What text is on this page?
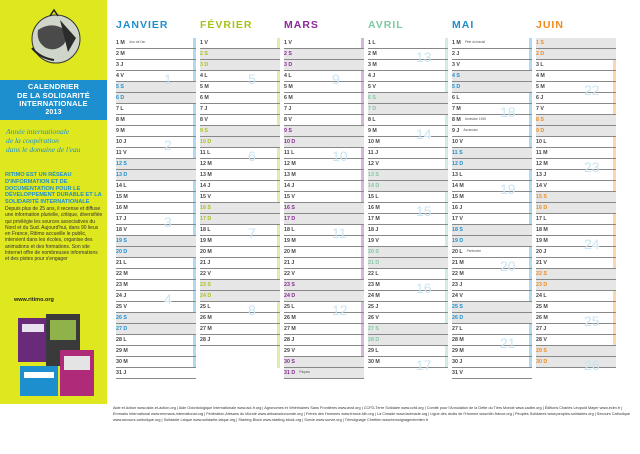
CALENDRIER
DE LA SOLIDARITÉ
INTERNATIONALE
2013
Année internationale
de la coopération
dans le domaine de l'eau
RITIMO EST UN RÉSEAU D'INFORMATION ET DE DOCUMENTATION POUR LE DÉVELOPPEMENT DURABLE ET LA SOLIDARITÉ INTERNATIONALE
Depuis plus de 25 ans, il recense et diffuse une information plurielle, critique, diversifiée qui privilégie les sources associatives du Nord et du Sud. Aujourd'hui, dans 90 lieux en France, Ritimo accueille le public, intervient dans les écoles, organise des animations et des formations. Son site Internet offre de nombreuses informations et des pistes pour s'engager
www.ritimo.org
JANVIER
1 M Jour de l'an
2 M
3 J
4 V
5 S
6 D
7 L
8 M
9 M
10 J
11 V
12 S
13 D
14 L
15 M
16 M
17 J
18 V
19 S
20 D
21 L
22 M
23 M
24 J
25 V
26 S
27 D
28 L
29 M
30 M
31 J
FÉVRIER
1 V
2 S
3 D
4 L
5 M
6 M
7 J
8 V
9 S
10 D
11 L
12 M
13 M
14 J
15 V
16 S
17 D
18 L
19 M
20 M
21 J
22 V
23 S
24 D
25 L
26 M
27 M
28 J
MARS
1 V
2 S
3 D
4 L
5 M
6 M
7 J
8 V
9 S
10 D
11 L
12 M
13 M
14 J
15 V
16 S
17 D
18 L
19 M
20 M
21 J
22 V
23 S
24 D
25 L
26 M
27 M
28 J
29 V
30 S
31 D Pâques
AVRIL
1 L
2 M
3 M
4 J
5 V
6 S
7 D
8 L
9 M
10 M
11 J
12 V
13 S
14 D
15 L
16 M
17 M
18 J
19 V
20 S
21 D
22 L
23 M
24 M
25 J
26 V
27 S
28 D
29 L
30 M
MAI
1 M Fête du travail
2 J
3 V
4 S
5 D
6 L
7 M
8 M Armistice 1945
9 J Ascension
10 V
11 S
12 D
13 L
14 M
15 M
16 J
17 V
18 S
19 D
20 L Pentecôte
21 M
22 M
23 J
24 V
25 S
26 D
27 L
28 M
29 M
30 J
31 V
JUIN
1 S
2 D
3 L
4 M
5 M
6 J
7 V
8 S
9 D
10 L
11 M
12 M
13 J
14 V
15 S
16 D
17 L
18 M
19 M
20 J
21 V
22 S
23 D
24 L
25 M
26 M
27 J
28 V
29 S
30 D
1
2
3
4
5
6
7
8
9
10
11
12
13
14
15
16
17
18
19
20
21
22
23
24
25
26
Aide et Action www.aide-et-action.org | Aide Odontologique Internationale www.aoi-fr.org | Agronomes et Vétérinaires Sans Frontières www.avsf.org | CCFD-Terre Solidaire www.ccfd.org | Comité pour l'Annulation de la Dette du Tiers Monde www.cadtm.org | Éditions Charles Léopold Mayer www.eclm.fr | Emmaüs International www.emmaus-international.org | Fédération Artisans du Monde www.artisansdumonde.org | Frères des Hommes www.france-fdh.org | La Cimade www.lacimade.org | Ligue des droits de l'Homme www.ldh-france.org | Peuples Solidaires www.peuples-solidaires.org | Secours Catholique www.secours-catholique.org | Solidarité Laïque www.solidarite-laique.org | Starting Block www.starting-block.org | Survie www.survie.org | Témoignage Chrétien www.temoignagechretien.fr
